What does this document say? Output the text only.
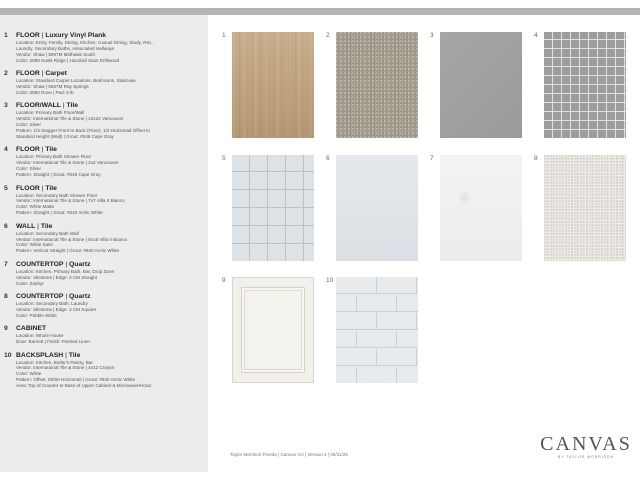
1	FLOOR | Luxury Vinyl Plank
Location: Entry, Family, Dining, Kitchen, Casual Dining, Study, Rec,
Laundry, Secondary Baths, Associated Hallways
Vendor: Shaw | 5697M Midhawk South
Color: 2099 Sunlit Ridge | Handrail Stain Driftwood
2	FLOOR | Carpet
Location: Standard Carpet Locations, Bedrooms, Staircase
Vendor: Shaw | 5657M Ray Springs
Color: 0560 Dove | Pad: 6 lb
3	FLOOR/WALL | Tile
Location: Primary Bath Floor/Wall
Vendor: International Tile & Stone | 12x24 Vancouver
Color: Silver
Pattern: 1/3 Stagger Front to Back (Floor), 1/3 Horizontal Offset to
Standard Height (Wall) | Grout: #546 Cape Gray
4	FLOOR | Tile
Location: Primary Bath Shower Floor
Vendor: International Tile & Stone | 2x2 Vancouver
Color: Silver
Pattern: Straight | Grout: #546 Cape Gray
5	FLOOR | Tile
Location: Secondary Bath Shower Floor
Vendor: International Tile & Stone | 7x7 Villa II Bianco
Color: White Matte
Pattern: Straight | Grout: #640 Arctic White
6	WALL | Tile
Location: Secondary Bath Wall
Vendor: International Tile & Stone | 8x16 Villa II Bianco
Color: White Satin
Pattern: Vertical Straight | Grout: #640 Arctic White
7	COUNTERTOP | Quartz
Location: Kitchen, Primary Bath, Bar, Drop Zone
Vendor: Silestone | Edge: 3 CM Straight
Color: Zephyr
8	COUNTERTOP | Quartz
Location: Secondary Bath, Laundry
Vendor: Silestone | Edge: 3 CM Square
Color: Pebble White
9	CABINET
Location: Whole House
Door: Barnett | Finish: Painted Linen
10 BACKSPLASH | Tile
Location: Kitchen, Butler's Pantry, Bar
Vendor: International Tile & Stone | 4x12 Crayon
Color: White
Pattern: Offset, 50/50 Horizontal | Grout: #640 Arctic White
Area: Top of Counter to Base of Upper Cabinet & Microwave/Hood
1	2	3	4
5	6	7	8
9	10
Taylor Morrison Florida | Canvas 4.0 | Version 2 | 08/11/25	CANVAS
BY TAYLOR MORRISON
